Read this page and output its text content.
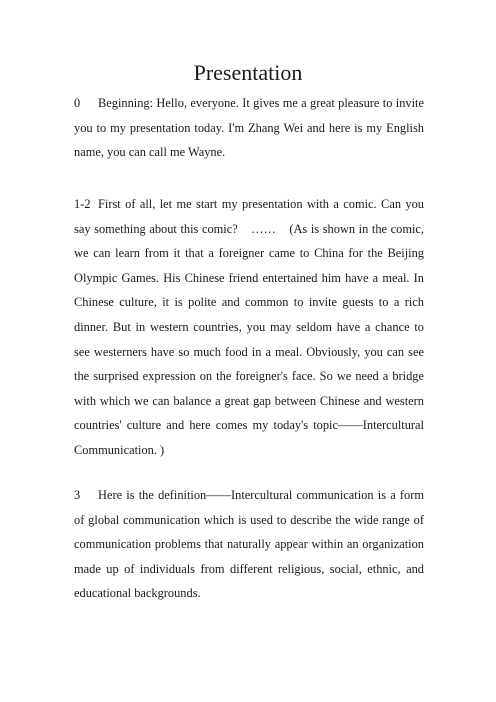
Presentation

0 Beginning: Hello, everyone. It gives me a great pleasure to invite you to my presentation today. I'm Zhang Wei and here is my English name, you can call me Wayne.

1-2 First of all, let me start my presentation with a comic. Can you say something about this comic?　……　(As is shown in the comic, we can learn from it that a foreigner came to China for the Beijing Olympic Games. His Chinese friend entertained him have a meal. In Chinese culture, it is polite and common to invite guests to a rich dinner. But in western countries, you may seldom have a chance to see westerners have so much food in a meal. Obviously, you can see the surprised expression on the foreigner's face. So we need a bridge with which we can balance a great gap between Chinese and western countries' culture and here comes my today's topic——Intercultural Communication. )

3 Here is the definition——Intercultural communication is a form of global communication which is used to describe the wide range of communication problems that naturally appear within an organization made up of individuals from different religious, social, ethnic, and educational backgrounds.
